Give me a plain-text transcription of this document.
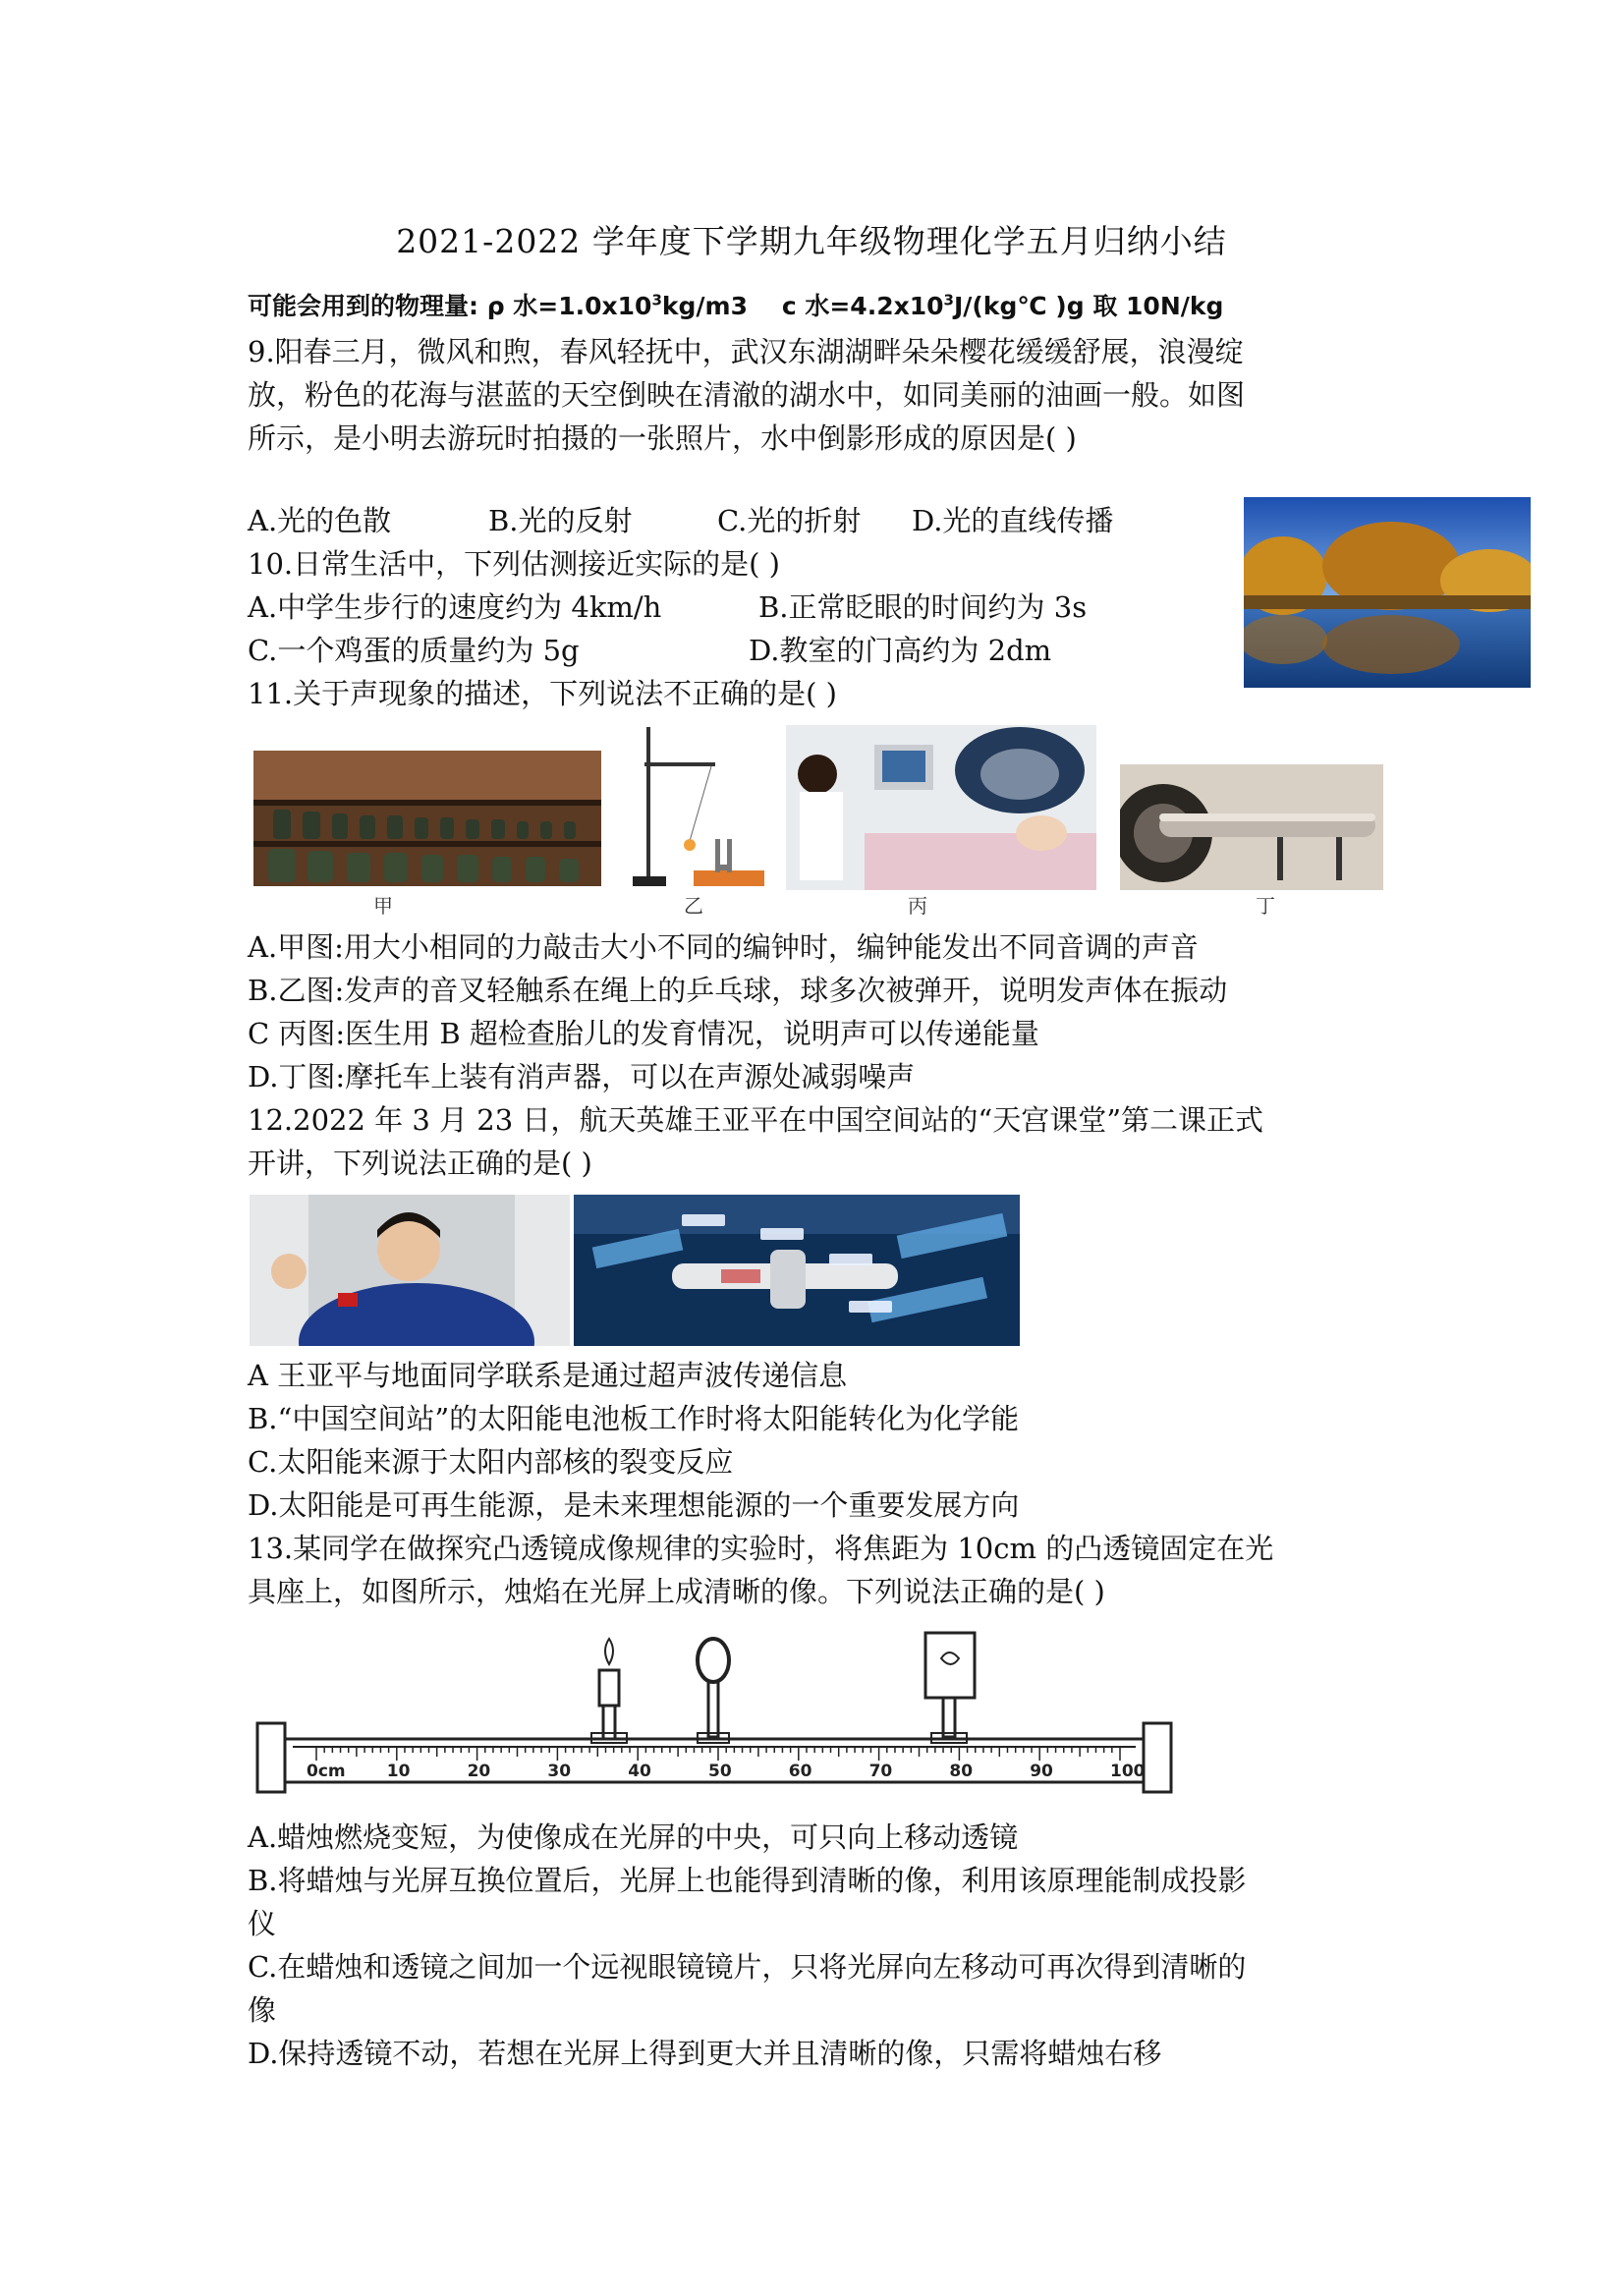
2021-2022 学年度下学期九年级物理化学五月归纳小结
可能会用到的物理量: ρ 水$=1.0x10^3kg/m3$ c 水$=4.2x10^3J/(kg℃$ )g 取 10N/kg
9.阳春三月，微风和煦，春风轻抚中，武汉东湖湖畔朵朵樱花缓缓舒展，浪漫绽
放，粉色的花海与湛蓝的天空倒映在清澈的湖水中，如同美丽的油画一般。如图
所示，是小明去游玩时拍摄的一张照片，水中倒影形成的原因是( )
A.光的色散	B.光的反射	C.光的折射 D.光的直线传播
10.日常生活中，下列估测接近实际的是( )
A.中学生步行的速度约为 4km/h	B.正常眨眼的时间约为 3s
C.一个鸡蛋的质量约为 5g	D.教室的门高约为 2dm
11.关于声现象的描述，下列说法不正确的是( )
甲	乙	丙	丁
A.甲图:用大小相同的力敲击大小不同的编钟时，编钟能发出不同音调的声音
B.乙图:发声的音叉轻触系在绳上的乒乓球，球多次被弹开，说明发声体在振动
C 丙图:医生用 B 超检查胎儿的发育情况，说明声可以传递能量
D.丁图:摩托车上装有消声器，可以在声源处减弱噪声
12.2022 年 3 月 23 日，航天英雄王亚平在中国空间站的“天宫课堂”第二课正式
开讲，下列说法正确的是( )
A 王亚平与地面同学联系是通过超声波传递信息
B.“中国空间站”的太阳能电池板工作时将太阳能转化为化学能
C.太阳能来源于太阳内部核的裂变反应
D.太阳能是可再生能源，是未来理想能源的一个重要发展方向
13.某同学在做探究凸透镜成像规律的实验时，将焦距为 10cm 的凸透镜固定在光
具座上，如图所示，烛焰在光屏上成清晰的像。下列说法正确的是( )
0cm 10	20	30	40	50	60	70	80	90	100
A.蜡烛燃烧变短，为使像成在光屏的中央，可只向上移动透镜
B.将蜡烛与光屏互换位置后，光屏上也能得到清晰的像，利用该原理能制成投影
仪
C.在蜡烛和透镜之间加一个远视眼镜镜片，只将光屏向左移动可再次得到清晰的
像
D.保持透镜不动，若想在光屏上得到更大并且清晰的像，只需将蜡烛右移
